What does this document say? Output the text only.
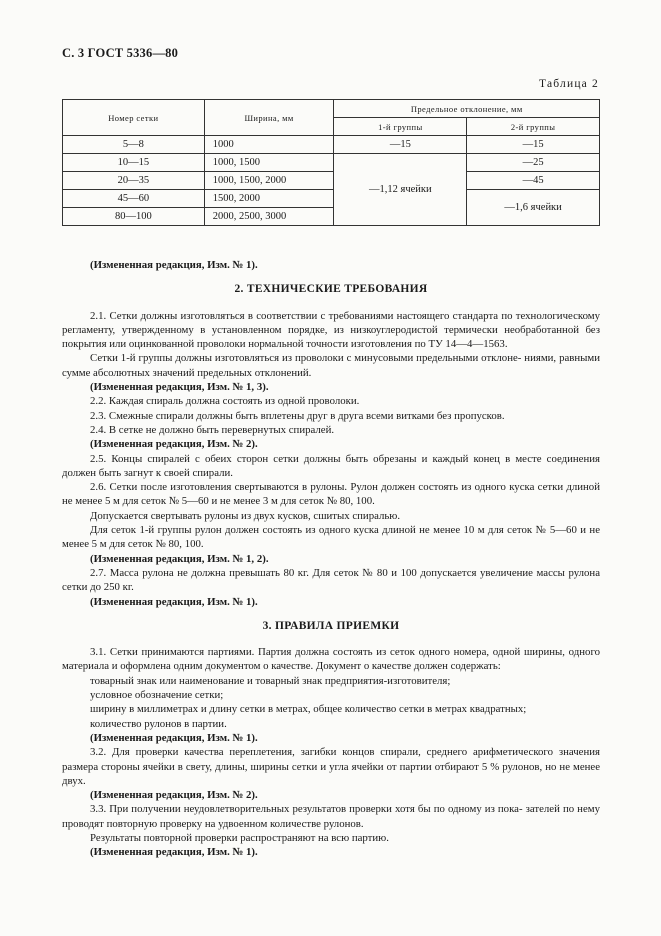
С. 3 ГОСТ 5336—80
Таблица 2
Номер сетки	Ширина, мм	Предельное отклонение, мм	
		1-й группы	2-й группы
5—8	1000	—15	—15
10—15	1000, 1500	—1,12 ячейки	—25
20—35	1000, 1500, 2000		—45
45—60	1500, 2000		—1,6 ячейки
80—100	2000, 2500, 3000		

(Измененная редакция, Изм. № 1).

2. ТЕХНИЧЕСКИЕ ТРЕБОВАНИЯ

2.1. Сетки должны изготовляться в соответствии с требованиями настоящего стандарта по технологическому регламенту, утвержденному в установленном порядке, из низкоуглеродистой термически необработанной без покрытия или оцинкованной проволоки нормальной точности изготовления по ТУ 14—4—1563.

Сетки 1-й группы должны изготовляться из проволоки с минусовыми предельными отклоне- ниями, равными сумме абсолютных значений предельных отклонений.

(Измененная редакция, Изм. № 1, 3).

2.2. Каждая спираль должна состоять из одной проволоки.

2.3. Смежные спирали должны быть вплетены друг в друга всеми витками без пропусков.

2.4. В сетке не должно быть перевернутых спиралей.

(Измененная редакция, Изм. № 2).

2.5. Концы спиралей с обеих сторон сетки должны быть обрезаны и каждый конец в месте соединения должен быть загнут к своей спирали.

2.6. Сетки после изготовления свертываются в рулоны. Рулон должен состоять из одного куска сетки длиной не менее 5 м для сеток № 5—60 и не менее 3 м для сеток № 80, 100.

Допускается свертывать рулоны из двух кусков, сшитых спиралью.

Для сеток 1-й группы рулон должен состоять из одного куска длиной не менее 10 м для сеток № 5—60 и не менее 5 м для сеток № 80, 100.

(Измененная редакция, Изм. № 1, 2).

2.7. Масса рулона не должна превышать 80 кг. Для сеток № 80 и 100 допускается увеличение массы рулона сетки до 250 кг.

(Измененная редакция, Изм. № 1).

3. ПРАВИЛА ПРИЕМКИ

3.1. Сетки принимаются партиями. Партия должна состоять из сеток одного номера, одной ширины, одного материала и оформлена одним документом о качестве. Документ о качестве должен содержать:

товарный знак или наименование и товарный знак предприятия-изготовителя;

условное обозначение сетки;

ширину в миллиметрах и длину сетки в метрах, общее количество сетки в метрах квадратных;

количество рулонов в партии.

(Измененная редакция, Изм. № 1).

3.2. Для проверки качества переплетения, загибки концов спирали, среднего арифметического значения размера стороны ячейки в свету, длины, ширины сетки и угла ячейки от партии отбирают 5 % рулонов, но не менее двух.

(Измененная редакция, Изм. № 2).

3.3. При получении неудовлетворительных результатов проверки хотя бы по одному из пока- зателей по нему проводят повторную проверку на удвоенном количестве рулонов.

Результаты повторной проверки распространяют на всю партию.

(Измененная редакция, Изм. № 1).
